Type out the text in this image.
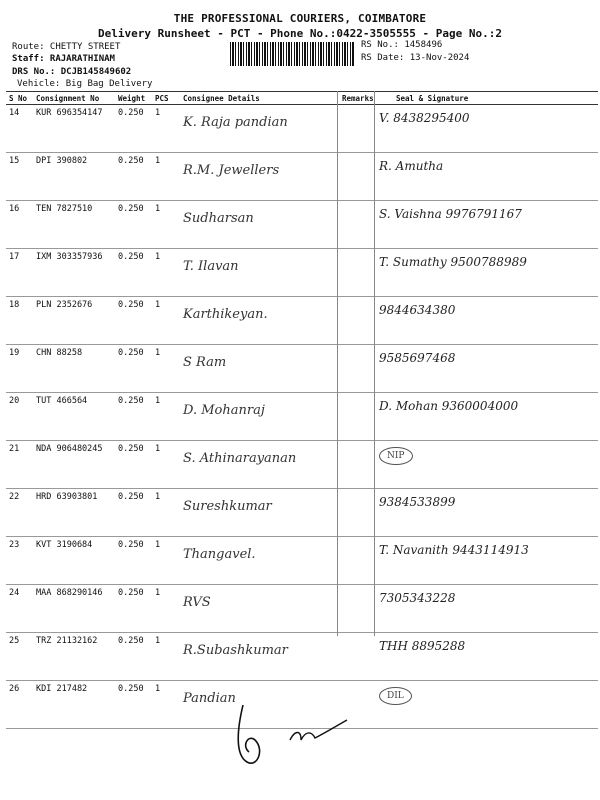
THE PROFESSIONAL COURIERS, COIMBATORE
Delivery Runsheet - PCT - Phone No.:0422-3505555 - Page No.:2
Route: CHETTY STREET
Staff: RAJARATHINAM
DRS No.: DCJB145849602
Vehicle: Big Bag Delivery
RS No.: 1458496
RS Date: 13-Nov-2024
S No	Consignment No	Weight	PCS	Consignee Details	Remarks	Seal & Signature
14	KUR 696354147	0.250	1	K. Raja pandian		V. 8438295400
15	DPI 390802	0.250	1	R.M. Jewellers		R. Amutha
16	TEN 7827510	0.250	1	Sudharsan		S. Vaishna 9976791167
17	IXM 303357936	0.250	1	T. Ilavan		T. Sumathy 9500788989
18	PLN 2352676	0.250	1	Karthikeyan.		9844634380
19	CHN 88258	0.250	1	S Ram		9585697468
20	TUT 466564	0.250	1	D. Mohanraj		D. Mohan 9360004000
21	NDA 906480245	0.250	1	S. Athinarayanan		NIP
22	HRD 63903801	0.250	1	Sureshkumar		9384533899
23	KVT 3190684	0.250	1	Thangavel.		T. Navanith 9443114913
24	MAA 868290146	0.250	1	RVS		7305343228
25	TRZ 21132162	0.250	1	R.Subashkumar		THH 8895288
26	KDI 217482	0.250	1	Pandian		DIL
